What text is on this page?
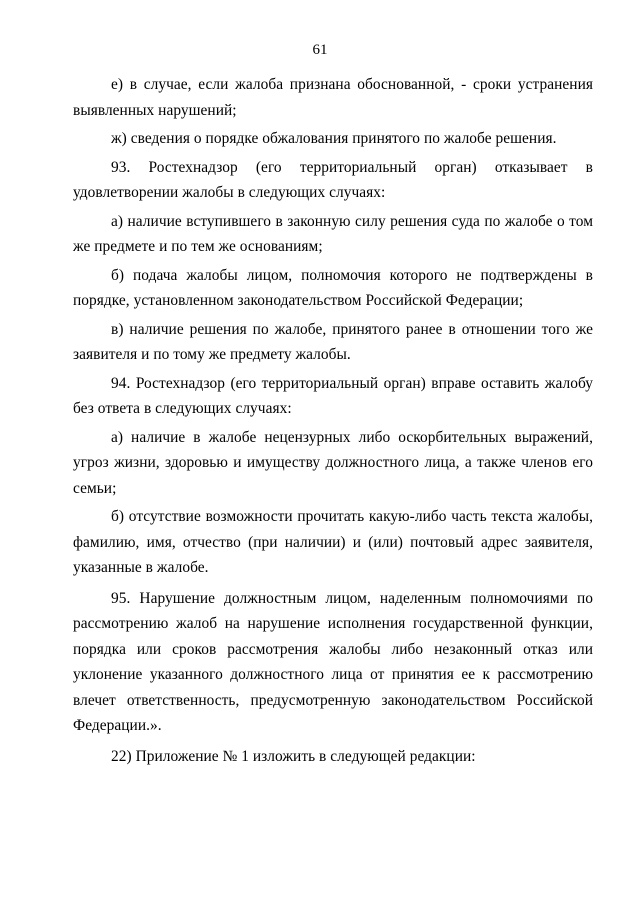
61

е) в случае, если жалоба признана обоснованной, - сроки устранения выявленных нарушений;

ж) сведения о порядке обжалования принятого по жалобе решения.

93. Ростехнадзор (его территориальный орган) отказывает в удовлетворении жалобы в следующих случаях:

а) наличие вступившего в законную силу решения суда по жалобе о том же предмете и по тем же основаниям;

б) подача жалобы лицом, полномочия которого не подтверждены в порядке, установленном законодательством Российской Федерации;

в) наличие решения по жалобе, принятого ранее в отношении того же заявителя и по тому же предмету жалобы.

94. Ростехнадзор (его территориальный орган) вправе оставить жалобу без ответа в следующих случаях:

а) наличие в жалобе нецензурных либо оскорбительных выражений, угроз жизни, здоровью и имуществу должностного лица, а также членов его семьи;

б) отсутствие возможности прочитать какую-либо часть текста жалобы, фамилию, имя, отчество (при наличии) и (или) почтовый адрес заявителя, указанные в жалобе.

95. Нарушение должностным лицом, наделенным полномочиями по рассмотрению жалоб на нарушение исполнения государственной функции, порядка или сроков рассмотрения жалобы либо незаконный отказ или уклонение указанного должностного лица от принятия ее к рассмотрению влечет ответственность, предусмотренную законодательством Российской Федерации.».

22) Приложение № 1 изложить в следующей редакции:
